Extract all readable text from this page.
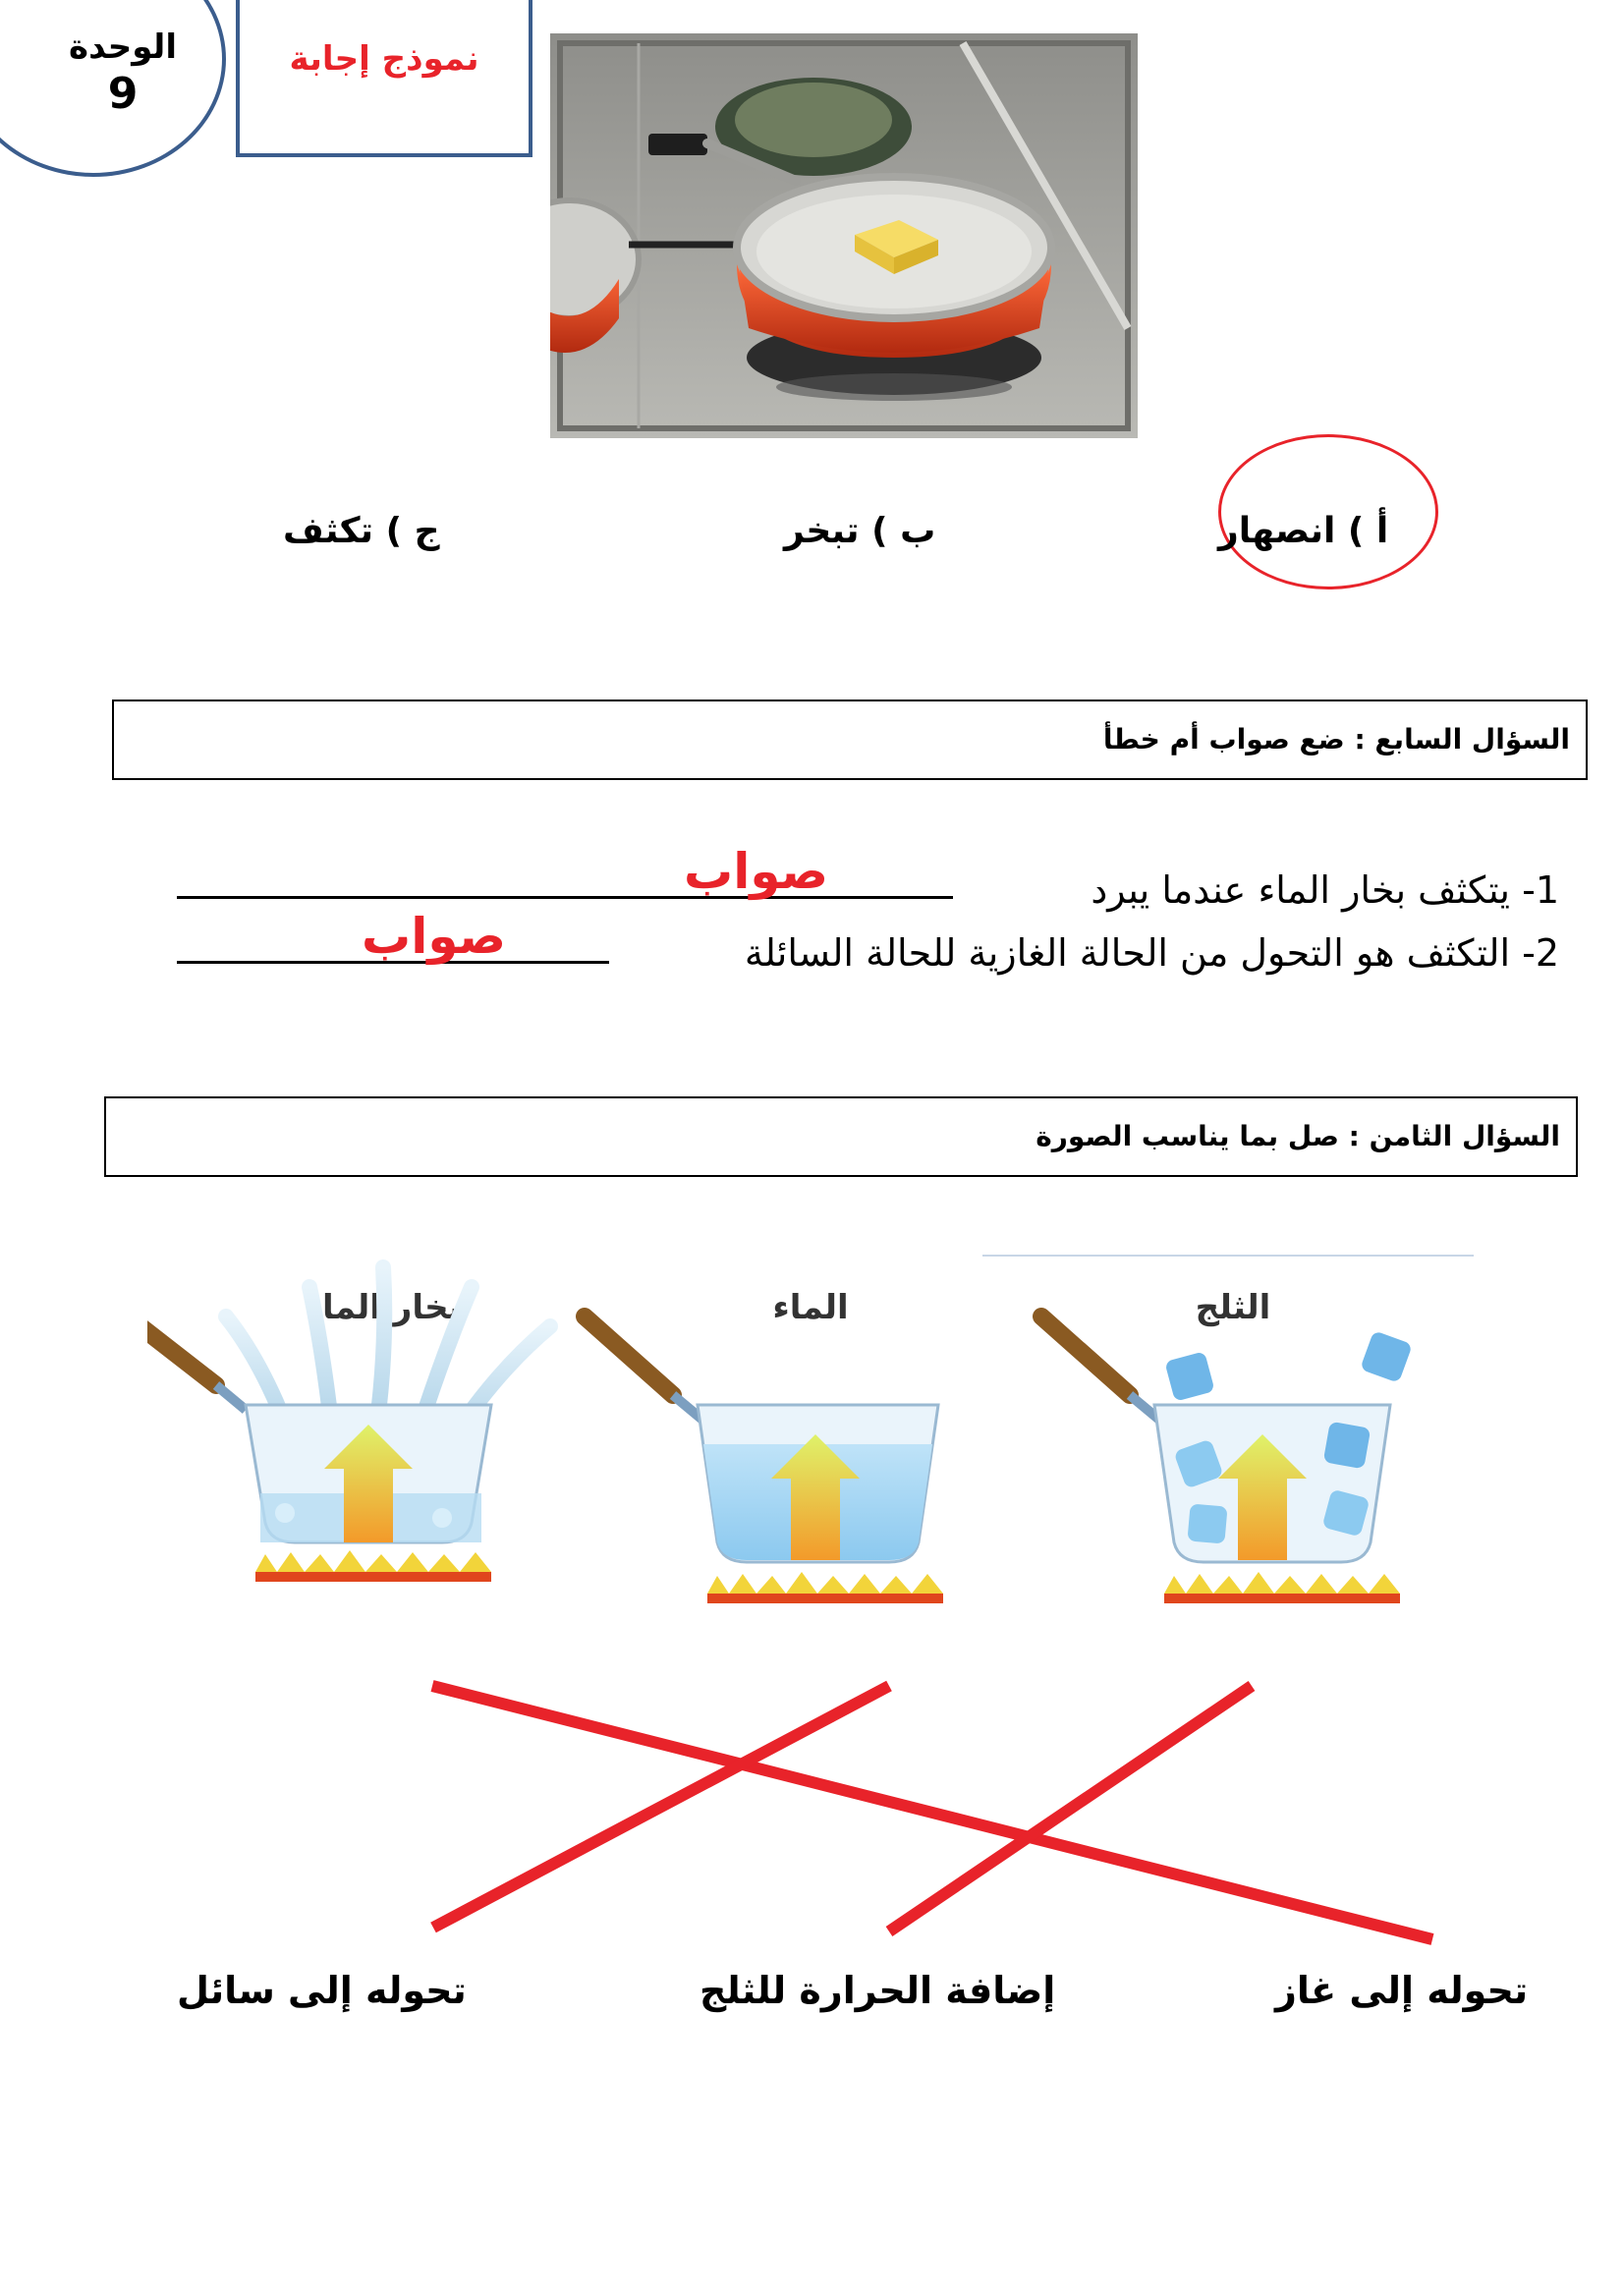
الوحدة
9
نموذج إجابة
أ ) انصهار
ب ) تبخر
ج ) تكثف
السؤال السابع : ضع صواب أم خطأ
1- يتكثف بخار الماء عندما يبرد
صواب
2- التكثف هو التحول من الحالة الغازية للحالة السائلة
صواب
السؤال الثامن : صل بما يناسب الصورة
بخار الماء	الماء	الثلج
تحوله إلى غاز
إضافة الحرارة للثلج
تحوله إلى سائل
